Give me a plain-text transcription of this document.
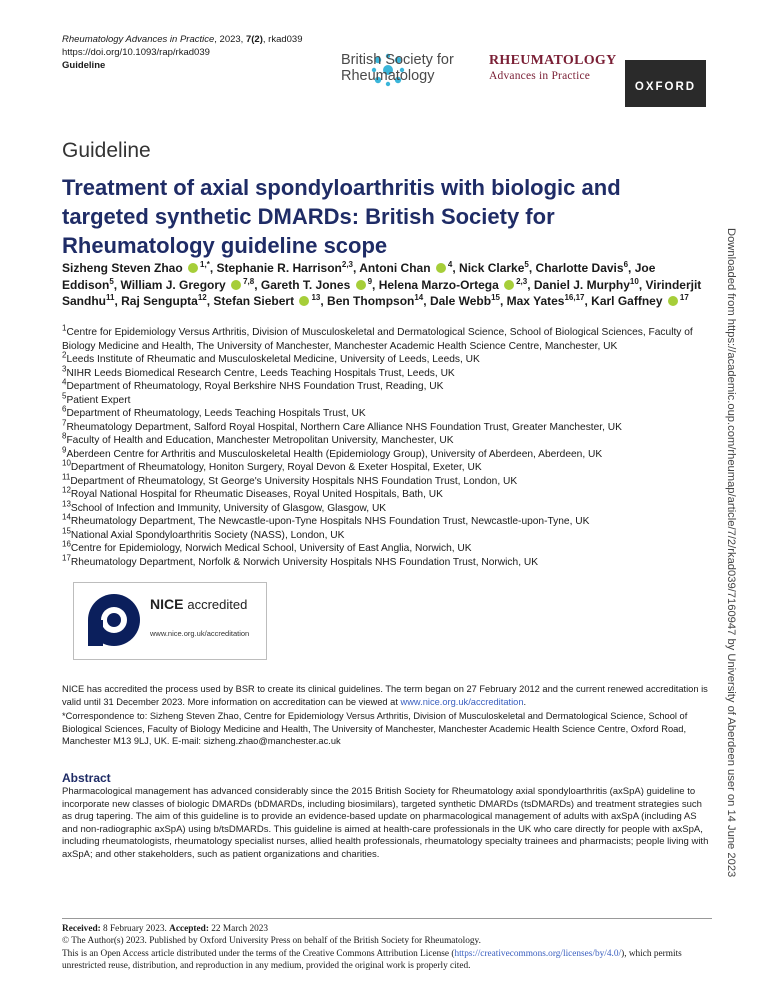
Rheumatology Advances in Practice, 2023, 7(2), rkad039
https://doi.org/10.1093/rap/rkad039
Guideline	British Society for
Rheumatology
RHEUMATOLOGY
Advances in Practice
OXFORD
Guideline
Treatment of axial spondyloarthritis with biologic and targeted synthetic DMARDs: British Society for Rheumatology guideline scope
Sizheng Steven Zhao $^{1,*}$, Stephanie R. Harrison$^{2,3}$, Antoni Chan $^4$, Nick Clarke$^5$, Charlotte Davis$^6$, Joe Eddison$^5$, William J. Gregory $^{7,8}$, Gareth T. Jones $^9$, Helena Marzo-Ortega $^{2,3}$, Daniel J. Murphy$^{10}$, Virinderjit Sandhu$^{11}$, Raj Sengupta$^{12}$, Stefan Siebert $^{13}$, Ben Thompson$^{14}$, Dale Webb$^{15}$, Max Yates$^{16,17}$, Karl Gaffney $^{17}$
$^1$Centre for Epidemiology Versus Arthritis, Division of Musculoskeletal and Dermatological Science, School of Biological Sciences, Faculty of Biology Medicine and Health, The University of Manchester, Manchester Academic Health Science Centre, Manchester, UK
$^2$Leeds Institute of Rheumatic and Musculoskeletal Medicine, University of Leeds, Leeds, UK
$^3$NIHR Leeds Biomedical Research Centre, Leeds Teaching Hospitals Trust, Leeds, UK
$^4$Department of Rheumatology, Royal Berkshire NHS Foundation Trust, Reading, UK
$^5$Patient Expert
$^6$Department of Rheumatology, Leeds Teaching Hospitals Trust, UK
$^7$Rheumatology Department, Salford Royal Hospital, Northern Care Alliance NHS Foundation Trust, Greater Manchester, UK
$^8$Faculty of Health and Education, Manchester Metropolitan University, Manchester, UK
$^9$Aberdeen Centre for Arthritis and Musculoskeletal Health (Epidemiology Group), University of Aberdeen, Aberdeen, UK
$^{10}$Department of Rheumatology, Honiton Surgery, Royal Devon & Exeter Hospital, Exeter, UK
$^{11}$Department of Rheumatology, St George's University Hospitals NHS Foundation Trust, London, UK
$^{12}$Royal National Hospital for Rheumatic Diseases, Royal United Hospitals, Bath, UK
$^{13}$School of Infection and Immunity, University of Glasgow, Glasgow, UK
$^{14}$Rheumatology Department, The Newcastle-upon-Tyne Hospitals NHS Foundation Trust, Newcastle-upon-Tyne, UK
$^{15}$National Axial Spondyloarthritis Society (NASS), London, UK
$^{16}$Centre for Epidemiology, Norwich Medical School, University of East Anglia, Norwich, UK
$^{17}$Rheumatology Department, Norfolk & Norwich University Hospitals NHS Foundation Trust, Norwich, UK
NICE accredited
www.nice.org.uk/accreditation
NICE has accredited the process used by BSR to create its clinical guidelines. The term began on 27 February 2012 and the current renewed accreditation is valid until 31 December 2023. More information on accreditation can be viewed at www.nice.org.uk/accreditation.
*Correspondence to: Sizheng Steven Zhao, Centre for Epidemiology Versus Arthritis, Division of Musculoskeletal and Dermatological Science, School of Biological Sciences, Faculty of Biology Medicine and Health, The University of Manchester, Manchester Academic Health Science Centre, Oxford Road, Manchester M13 9LJ, UK. E-mail: sizheng.zhao@manchester.ac.uk
Abstract
Pharmacological management has advanced considerably since the 2015 British Society for Rheumatology axial spondyloarthritis (axSpA) guideline to incorporate new classes of biologic DMARDs (bDMARDs, including biosimilars), targeted synthetic DMARDs (tsDMARDs) and treatment strategies such as drug tapering. The aim of this guideline is to provide an evidence-based update on pharmacological management of adults with axSpA (including AS and non-radiographic axSpA) using b/tsDMARDs. This guideline is aimed at health-care professionals in the UK who care directly for people with axSpA, including rheumatologists, rheumatology specialist nurses, allied health professionals, rheumatology specialty trainees and pharmacists; people living with axSpA; and other stakeholders, such as patient organizations and charities.
Received: 8 February 2023. Accepted: 22 March 2023
© The Author(s) 2023. Published by Oxford University Press on behalf of the British Society for Rheumatology.
This is an Open Access article distributed under the terms of the Creative Commons Attribution License (https://creativecommons.org/licenses/by/4.0/), which permits unrestricted reuse, distribution, and reproduction in any medium, provided the original work is properly cited.
Downloaded from https://academic.oup.com/rheumap/article/7/2/rkad039/7160947 by University of Aberdeen user on 14 June 2023
